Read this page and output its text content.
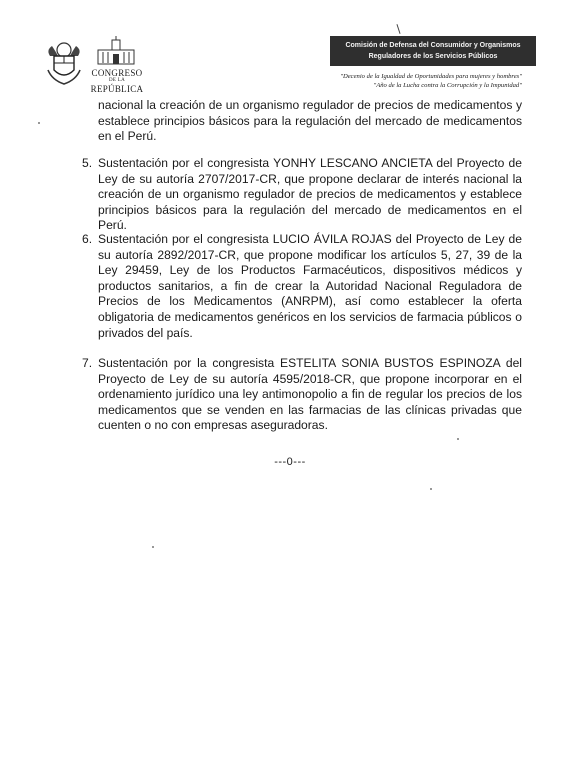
CONGRESO
DE LA
REPÚBLICA
Comisión de Defensa del Consumidor y Organismos
Reguladores de los Servicios Públicos
"Decenio de la Igualdad de Oportunidades para mujeres y hombres"
"Año de la Lucha contra la Corrupción y la Impunidad"
nacional la creación de un organismo regulador de precios de medicamentos y establece principios básicos para la regulación del mercado de medicamentos en el Perú.
5. Sustentación por el congresista YONHY LESCANO ANCIETA del Proyecto de Ley de su autoría 2707/2017-CR, que propone declarar de interés nacional la creación de un organismo regulador de precios de medicamentos y establece principios básicos para la regulación del mercado de medicamentos en el Perú.
6. Sustentación por el congresista LUCIO ÁVILA ROJAS del Proyecto de Ley de su autoría 2892/2017-CR, que propone modificar los artículos 5, 27, 39 de la Ley 29459, Ley de los Productos Farmacéuticos, dispositivos médicos y productos sanitarios, a fin de crear la Autoridad Nacional Reguladora de Precios de los Medicamentos (ANRPM), así como establecer la oferta obligatoria de medicamentos genéricos en los servicios de farmacia públicos o privados del país.
7. Sustentación por la congresista ESTELITA SONIA BUSTOS ESPINOZA del Proyecto de Ley de su autoría 4595/2018-CR, que propone incorporar en el ordenamiento jurídico una ley antimonopolio a fin de regular los precios de los medicamentos que se venden en las farmacias de las clínicas privadas que cuenten o no con empresas aseguradoras.
---0---
